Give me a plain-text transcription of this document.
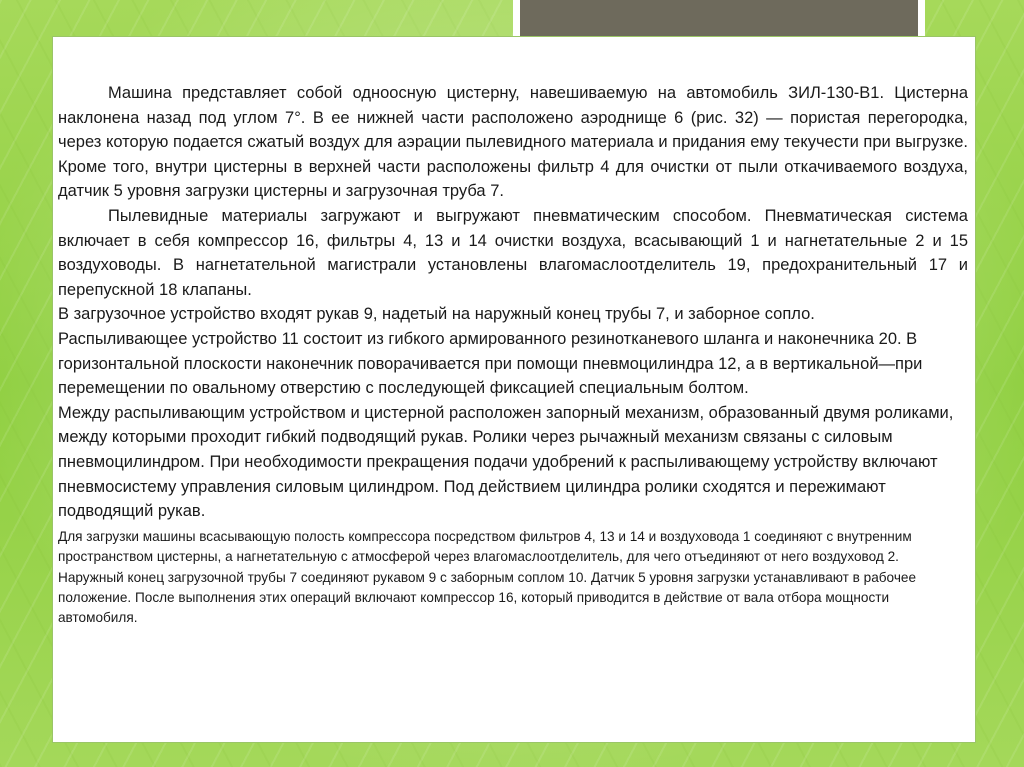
Машина представляет собой одноосную цистерну, навешиваемую на автомобиль ЗИЛ-130-В1. Цистерна наклонена назад под углом 7°. В ее нижней части расположено аэроднище 6 (рис. 32) — пористая перегородка, через которую подается сжатый воздух для аэрации пылевидного материала и придания ему текучести при выгрузке. Кроме того, внутри цистерны в верхней части расположены фильтр 4 для очистки от пыли откачиваемого воздуха, датчик 5 уровня загрузки цистерны и загрузочная труба 7.

Пылевидные материалы загружают и выгружают пневматическим способом. Пневматическая система включает в себя компрессор 16, фильтры 4, 13 и 14 очистки воздуха, всасывающий 1 и нагнетательные 2 и 15 воздуховоды. В нагнетательной магистрали установлены влагомаслоотделитель 19, предохранительный 17 и перепускной 18 клапаны.

В загрузочное устройство входят рукав 9, надетый на наружный конец трубы 7, и заборное сопло.

Распыливающее устройство 11 состоит из гибкого армированного резинотканевого шланга и наконечника 20. В горизонтальной плоскости наконечник поворачивается при помощи пневмоцилиндра 12, а в вертикальной—при перемещении по овальному отверстию с последующей фиксацией специальным болтом.

Между распыливающим устройством и цистерной расположен запорный механизм, образованный двумя роликами, между которыми проходит гибкий подводящий рукав. Ролики через рычажный механизм связаны с силовым пневмоцилиндром. При необходимости прекращения подачи удобрений к распыливающему устройству включают пневмосистему управления силовым цилиндром. Под действием цилиндра ролики сходятся и пережимают подводящий рукав.

Для загрузки машины всасывающую полость компрессора посредством фильтров 4, 13 и 14 и воздуховода 1 соединяют с внутренним пространством цистерны, а нагнетательную с атмосферой через влагомаслоотделитель, для чего отъединяют от него воздуховод 2. Наружный конец загрузочной трубы 7 соединяют рукавом 9 с заборным соплом 10. Датчик 5 уровня загрузки устанавливают в рабочее положение. После выполнения этих операций включают компрессор 16, который приводится в действие от вала отбора мощности автомобиля.
